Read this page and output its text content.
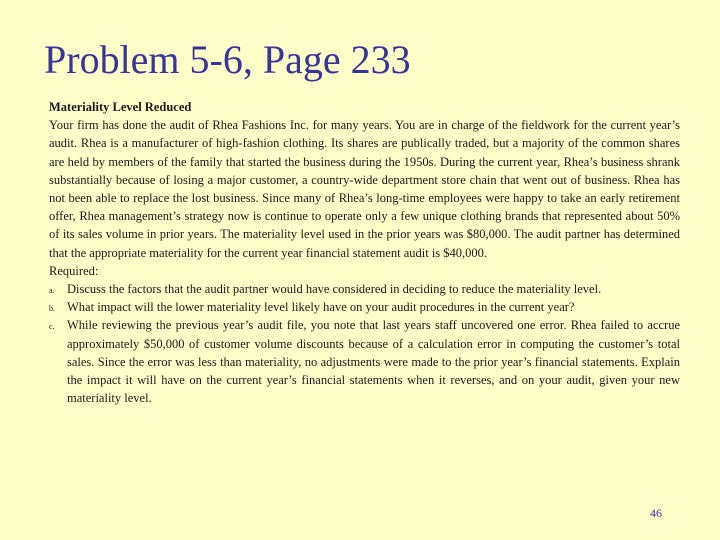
Problem 5-6, Page 233

Materiality Level Reduced

Your firm has done the audit of Rhea Fashions Inc. for many years. You are in charge of the fieldwork for the current year’s audit. Rhea is a manufacturer of high-fashion clothing. Its shares are publically traded, but a majority of the common shares are held by members of the family that started the business during the 1950s. During the current year, Rhea’s business shrank substantially because of losing a major customer, a country-wide department store chain that went out of business. Rhea has not been able to replace the lost business. Since many of Rhea’s long-time employees were happy to take an early retirement offer, Rhea management’s strategy now is continue to operate only a few unique clothing brands that represented about 50% of its sales volume in prior years. The materiality level used in the prior years was $80,000. The audit partner has determined that the appropriate materiality for the current year financial statement audit is $40,000.

Required:

a. Discuss the factors that the audit partner would have considered in deciding to reduce the materiality level.
b. What impact will the lower materiality level likely have on your audit procedures in the current year?
c. While reviewing the previous year’s audit file, you note that last years staff uncovered one error. Rhea failed to accrue approximately $50,000 of customer volume discounts because of a calculation error in computing the customer’s total sales. Since the error was less than materiality, no adjustments were made to the prior year’s financial statements. Explain the impact it will have on the current year’s financial statements when it reverses, and on your audit, given your new materiality level.
46
